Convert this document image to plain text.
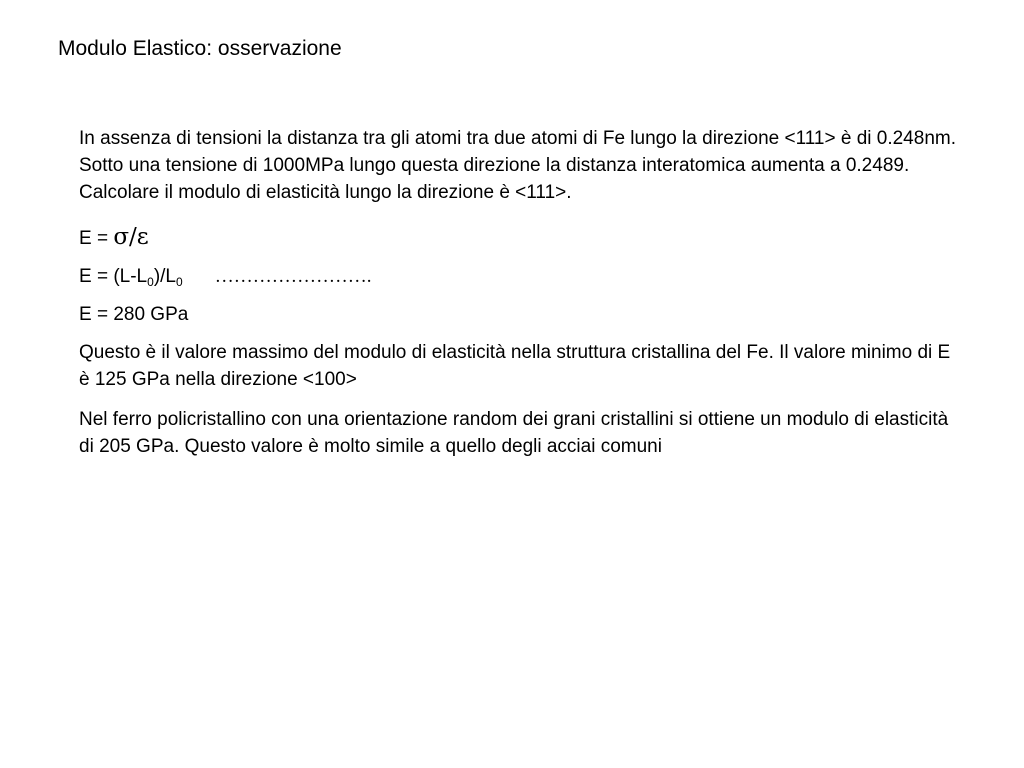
Modulo Elastico: osservazione

In assenza di tensioni la distanza tra gli atomi tra due atomi di Fe lungo la direzione <111> è di 0.248nm. Sotto una tensione di 1000MPa lungo questa direzione la distanza interatomica aumenta a 0.2489. Calcolare il modulo di elasticità lungo la direzione è <111>.

E = σ/ε
$E = (L-L_0)/L_0$ …………………….
E = 280 GPa

Questo è il valore massimo del modulo di elasticità nella struttura cristallina del Fe. Il valore minimo di E è 125 GPa nella direzione <100>

Nel ferro policristallino con una orientazione random dei grani cristallini si ottiene un modulo di elasticità di 205 GPa. Questo valore è molto simile a quello degli acciai comuni
